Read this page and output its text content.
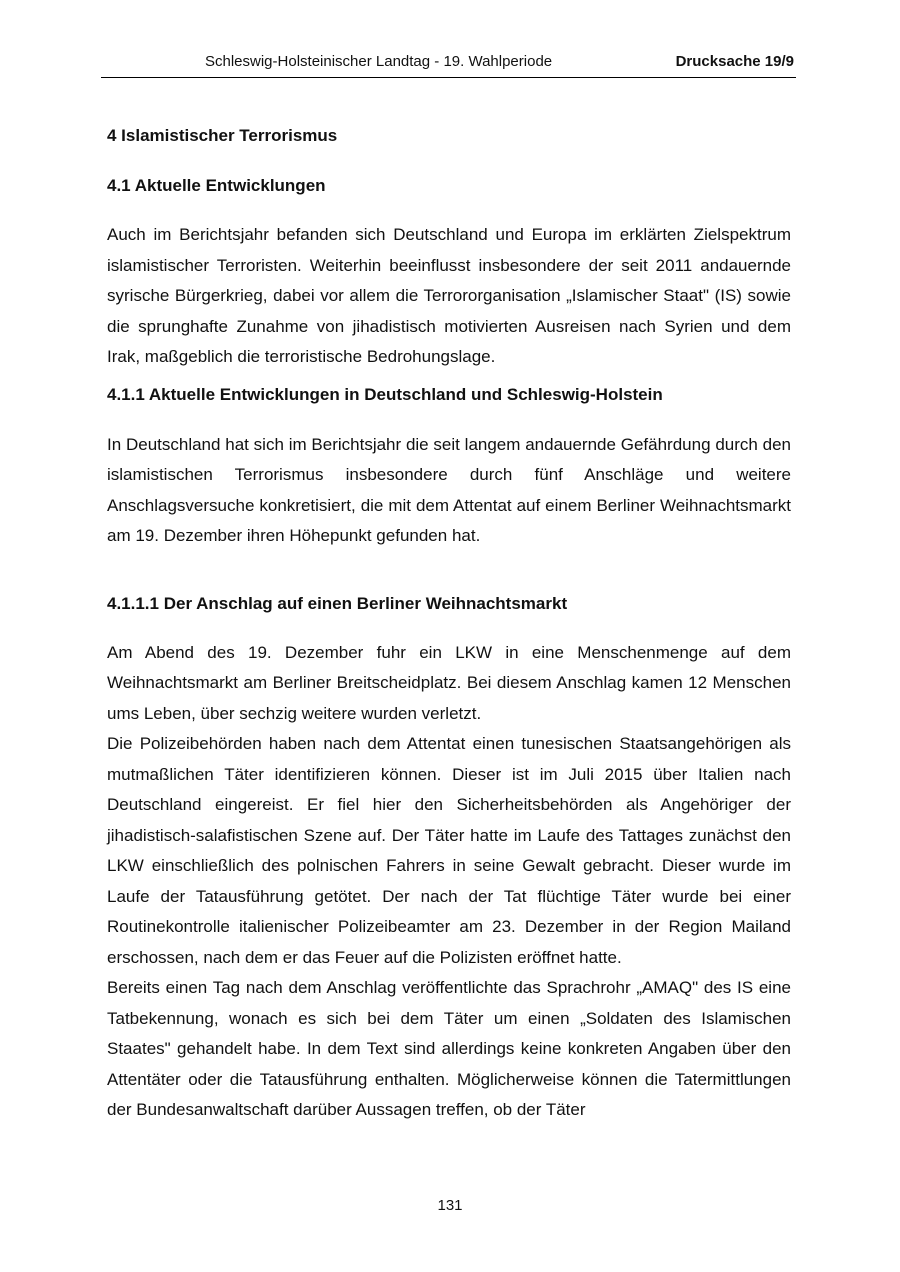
Schleswig-Holsteinischer Landtag - 19. Wahlperiode	Drucksache 19/9
4 Islamistischer Terrorismus
4.1 Aktuelle Entwicklungen

Auch im Berichtsjahr befanden sich Deutschland und Europa im erklärten Zielspektrum islamistischer Terroristen. Weiterhin beeinflusst insbesondere der seit 2011 andauernde syrische Bürgerkrieg, dabei vor allem die Terrororganisation „Islamischer Staat" (IS) sowie die sprunghafte Zunahme von jihadistisch motivierten Ausreisen nach Syrien und dem Irak, maßgeblich die terroristische Bedrohungslage.

4.1.1 Aktuelle Entwicklungen in Deutschland und Schleswig-Holstein

In Deutschland hat sich im Berichtsjahr die seit langem andauernde Gefährdung durch den islamistischen Terrorismus insbesondere durch fünf Anschläge und weitere Anschlagsversuche konkretisiert, die mit dem Attentat auf einem Berliner Weihnachtsmarkt am 19. Dezember ihren Höhepunkt gefunden hat.

4.1.1.1 Der Anschlag auf einen Berliner Weihnachtsmarkt

Am Abend des 19. Dezember fuhr ein LKW in eine Menschenmenge auf dem Weihnachtsmarkt am Berliner Breitscheidplatz. Bei diesem Anschlag kamen 12 Menschen ums Leben, über sechzig weitere wurden verletzt.

Die Polizeibehörden haben nach dem Attentat einen tunesischen Staatsangehörigen als mutmaßlichen Täter identifizieren können. Dieser ist im Juli 2015 über Italien nach Deutschland eingereist. Er fiel hier den Sicherheitsbehörden als Angehöriger der jihadistisch-salafistischen Szene auf. Der Täter hatte im Laufe des Tattages zunächst den LKW einschließlich des polnischen Fahrers in seine Gewalt gebracht. Dieser wurde im Laufe der Tatausführung getötet. Der nach der Tat flüchtige Täter wurde bei einer Routinekontrolle italienischer Polizeibeamter am 23. Dezember in der Region Mailand erschossen, nach dem er das Feuer auf die Polizisten eröffnet hatte.

Bereits einen Tag nach dem Anschlag veröffentlichte das Sprachrohr „AMAQ" des IS eine Tatbekennung, wonach es sich bei dem Täter um einen „Soldaten des Islamischen Staates" gehandelt habe. In dem Text sind allerdings keine konkreten Angaben über den Attentäter oder die Tatausführung enthalten. Möglicherweise können die Tatermittlungen der Bundesanwaltschaft darüber Aussagen treffen, ob der Täter

131
